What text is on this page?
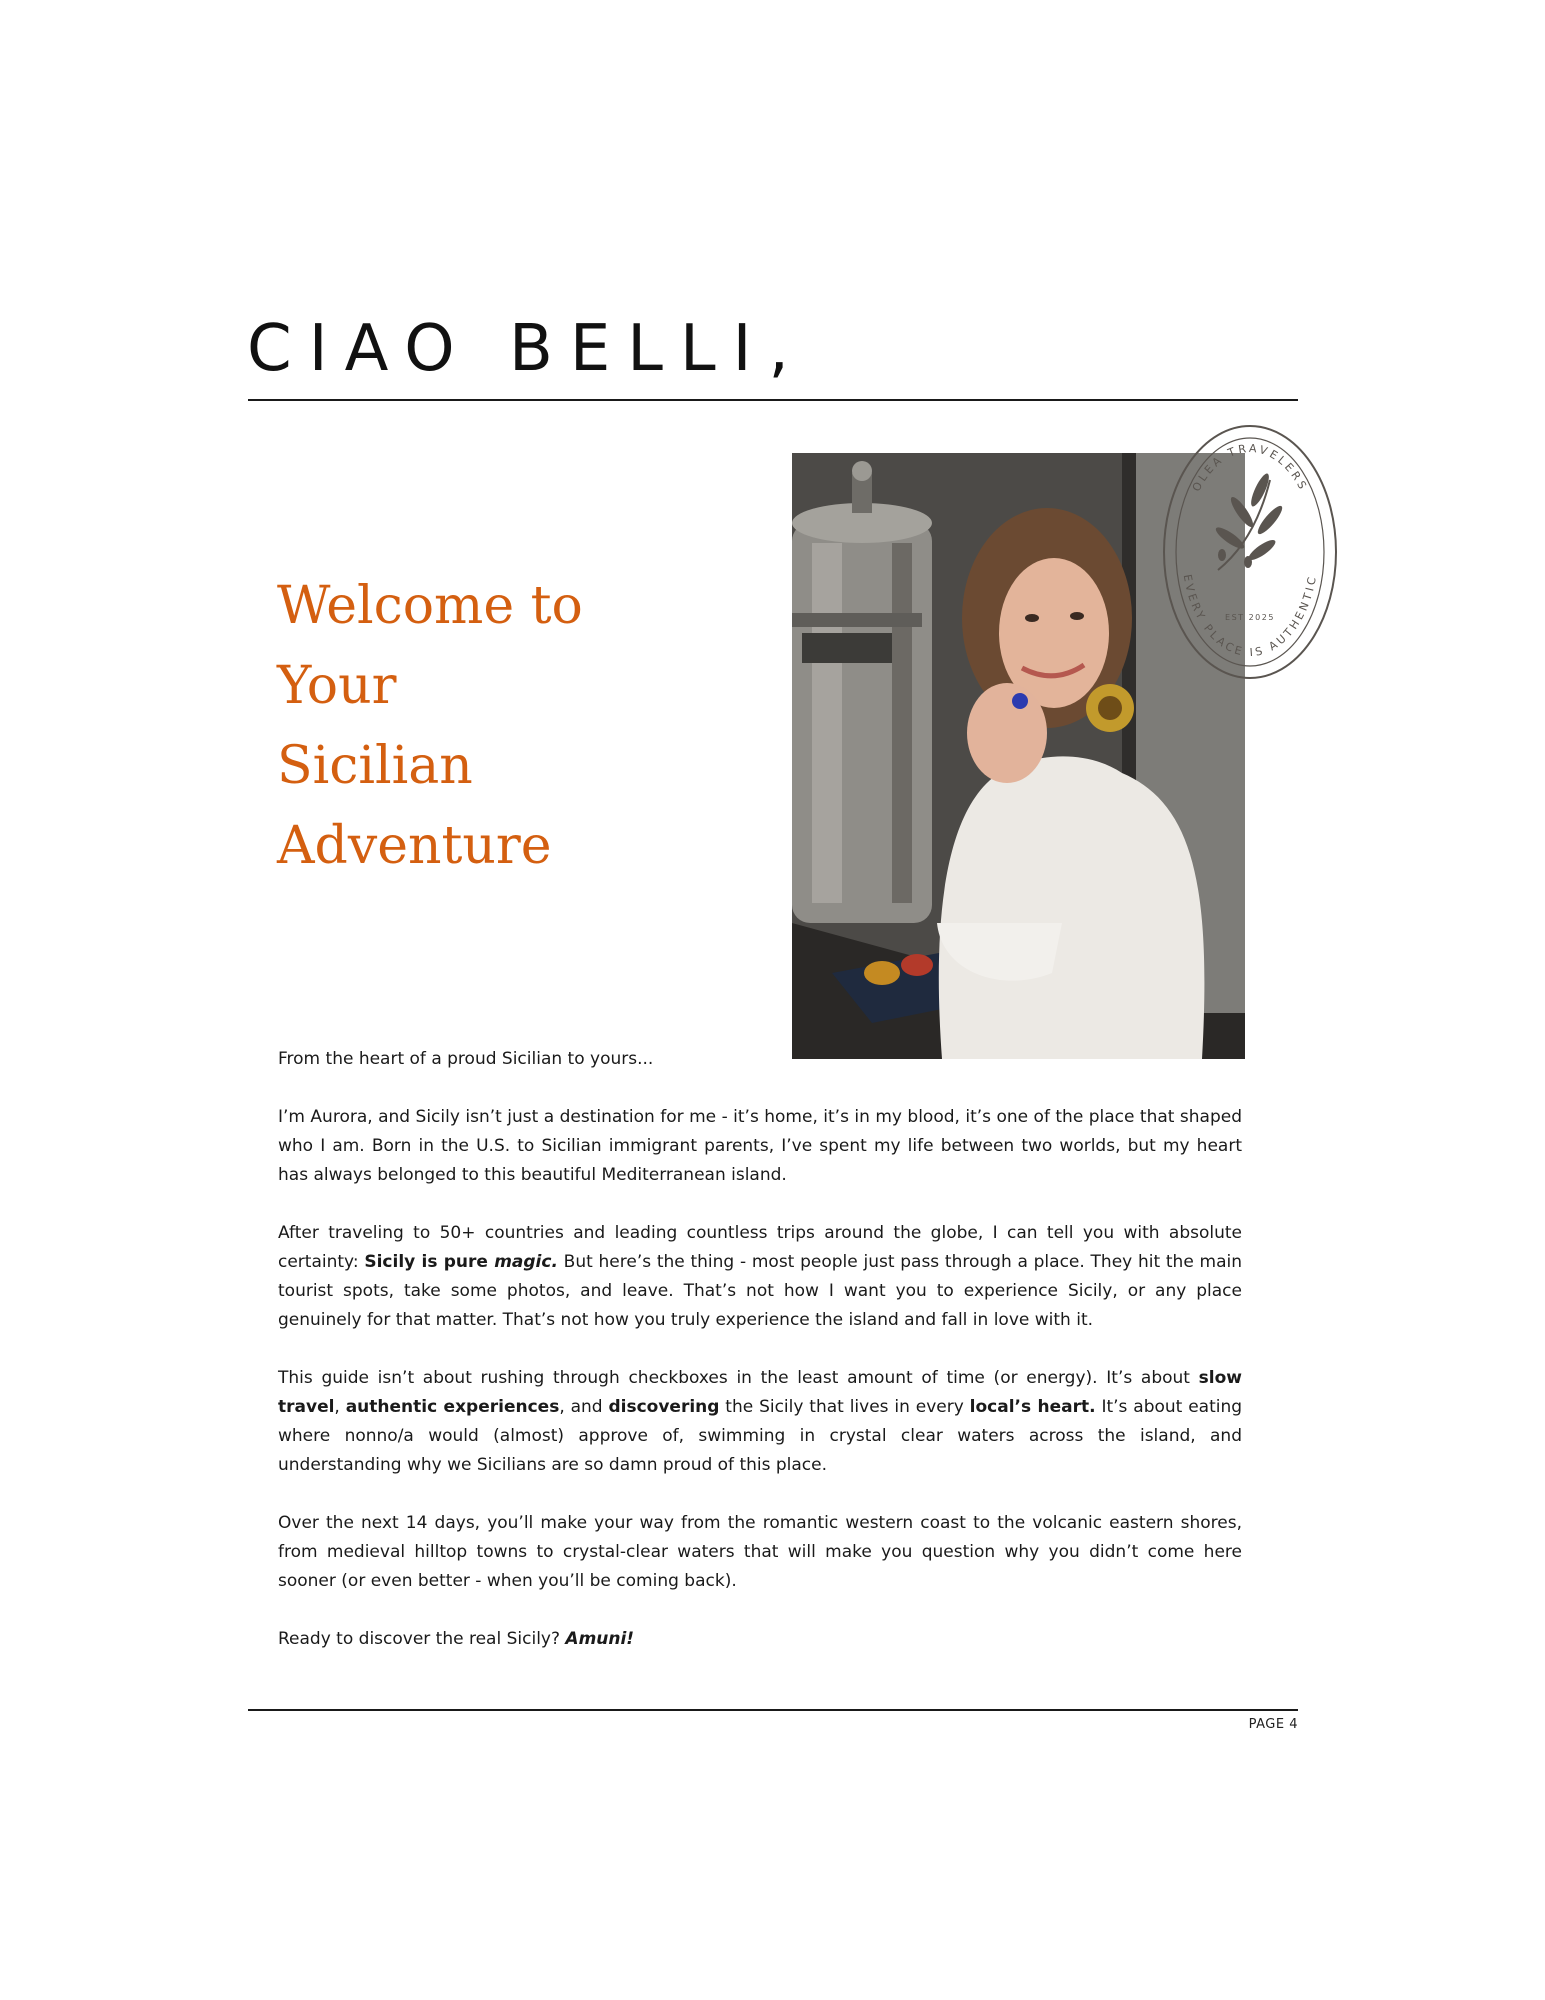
CIAO BELLI,
Welcome to
Your
Sicilian
Adventure
OLEA TRAVELERS
EVERY PLACE IS AUTHENTIC
EST 2025

From the heart of a proud Sicilian to yours...

I’m Aurora, and Sicily isn’t just a destination for me - it’s home, it’s in my blood, it’s one of the place that shaped who I am. Born in the U.S. to Sicilian immigrant parents, I’ve spent my life between two worlds, but my heart has always belonged to this beautiful Mediterranean island.

After traveling to 50+ countries and leading countless trips around the globe, I can tell you with absolute certainty: Sicily is pure magic. But here’s the thing - most people just pass through a place. They hit the main tourist spots, take some photos, and leave. That’s not how I want you to experience Sicily, or any place genuinely for that matter. That’s not how you truly experience the island and fall in love with it.

This guide isn’t about rushing through checkboxes in the least amount of time (or energy). It’s about slow travel, authentic experiences, and discovering the Sicily that lives in every local’s heart. It’s about eating where nonno/a would (almost) approve of, swimming in crystal clear waters across the island, and understanding why we Sicilians are so damn proud of this place.

Over the next 14 days, you’ll make your way from the romantic western coast to the volcanic eastern shores, from medieval hilltop towns to crystal-clear waters that will make you question why you didn’t come here sooner (or even better - when you’ll be coming back).

Ready to discover the real Sicily? Amuni!

PAGE 4
